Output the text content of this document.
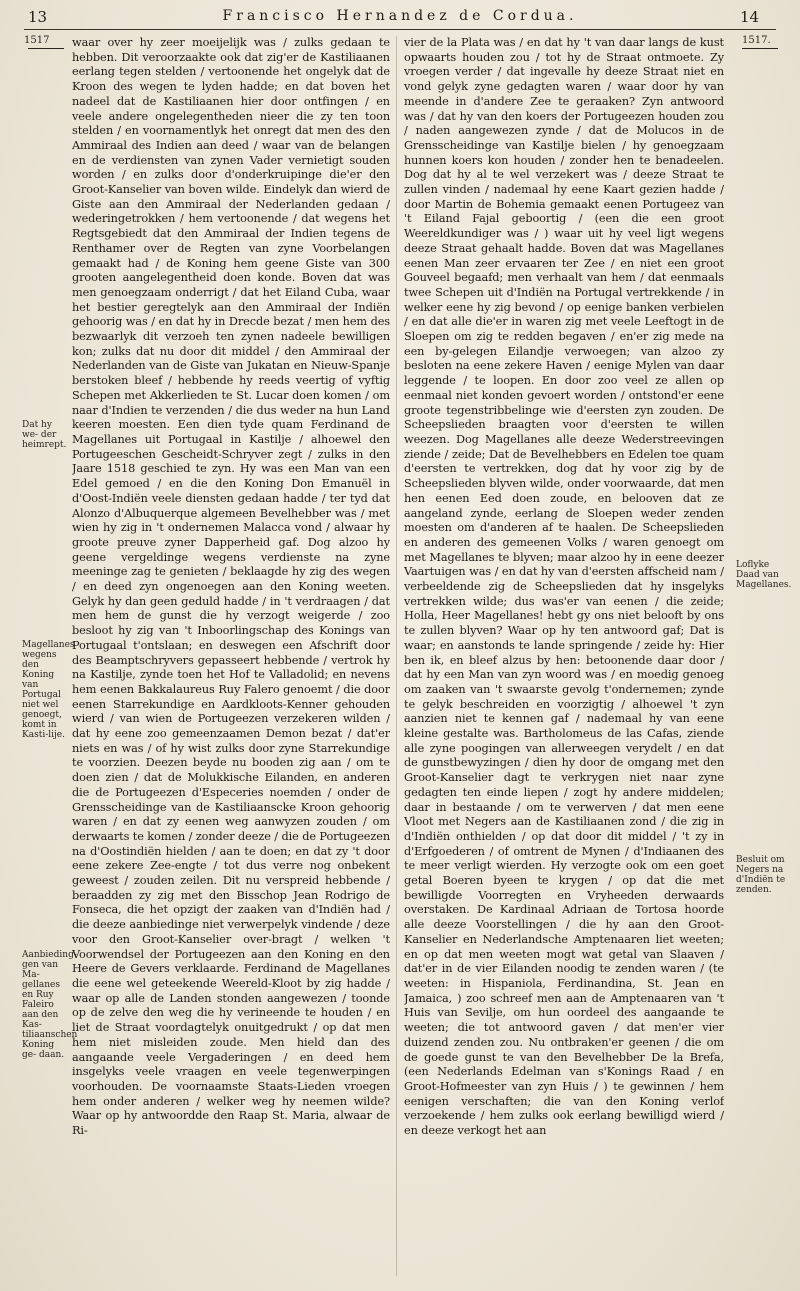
13	Francisco Hernandez de Cordua.	14
1517
Dat hy we- der heimrept.
Magellanes wegens den Koning van Portugal niet wel genoegt, komt in Kasti-lije.
Aanbieding- gen van Ma- gellanes en Ruy Faleiro aan den Kas- tiliaanschen Koning ge- daan.
1517.
Loflyke Daad van Magellanes.
Besluit om Negers na d'Indiën te zenden.

waar over hy zeer moeijelijk was / zulks gedaan te hebben. Dit veroorzaakte ook dat zig'er de Kastiliaanen eerlang tegen stelden / vertoonende het ongelyk dat de Kroon des wegen te lyden hadde; en dat boven het nadeel dat de Kastiliaanen hier door ontfingen / en veele andere ongelegentheden nieer die zy ten toon stelden / en voornamentlyk het onregt dat men des den Ammiraal des Indien aan deed / waar van de belangen en de verdiensten van zynen Vader vernietigt souden worden / en zulks door d'onderkruipinge die'er den Groot-Kanselier van boven wilde. Eindelyk dan wierd de Giste aan den Ammiraal der Nederlanden gedaan / wederingetrokken / hem vertoonende / dat wegens het Regtsgebiedt dat den Ammiraal der Indien tegens de Renthamer over de Regten van zyne Voorbelangen gemaakt had / de Koning hem geene Giste van 300 grooten aangelegentheid doen konde. Boven dat was men genoegzaam onderrigt / dat het Eiland Cuba, waar het bestier geregtelyk aan den Ammiraal der Indiën gehoorig was / en dat hy in Drecde bezat / men hem des bezwaarlyk dit verzoeh ten zynen nadeele bewilligen kon; zulks dat nu door dit middel / den Ammiraal der Nederlanden van de Giste van Jukatan en Nieuw-Spanje berstoken bleef / hebbende hy reeds veertig of vyftig Schepen met Akkerlieden te St. Lucar doen komen / om naar d'Indien te verzenden / die dus weder na hun Land keeren moesten. Een dien tyde quam Ferdinand de Magellanes uit Portugaal in Kastilje / alhoewel den Portugeeschen Gescheidt-Schryver zegt / zulks in den Jaare 1518 geschied te zyn. Hy was een Man van een Edel gemoed / en die den Koning Don Emanuël in d'Oost-Indiën veele diensten gedaan hadde / ter tyd dat Alonzo d'Albuquerque algemeen Bevelhebber was / met wien hy zig in 't ondernemen Malacca vond / alwaar hy groote preuve zyner Dapperheid gaf. Dog alzoo hy geene vergeldinge wegens verdienste na zyne meeninge zag te genieten / beklaagde hy zig des wegen / en deed zyn ongenoegen aan den Koning weeten. Gelyk hy dan geen geduld hadde / in 't verdraagen / dat men hem de gunst die hy verzogt weigerde / zoo besloot hy zig van 't Inboorlingschap des Konings van Portugaal t'ontslaan; en deswegen een Afschrift door des Beamptschryvers gepasseert hebbende / vertrok hy na Kastilje, zynde toen het Hof te Valladolid; en nevens hem eenen Bakkalaureus Ruy Falero genoemt / die door eenen Starrekundige en Aardkloots-Kenner gehouden wierd / van wien de Portugeezen verzekeren wilden / dat hy eene zoo gemeenzaamen Demon bezat / dat'er niets en was / of hy wist zulks door zyne Starrekundige te voorzien. Deezen beyde nu booden zig aan / om te doen zien / dat de Molukkische Eilanden, en anderen die de Portugeezen d'Especeries noemden / onder de Grensscheidinge van de Kastiliaanscke Kroon gehoorig waren / en dat zy eenen weg aanwyzen zouden / om derwaarts te komen / zonder deeze / die de Portugeezen na d'Oostindiën hielden / aan te doen; en dat zy 't door eene zekere Zee-engte / tot dus verre nog onbekent geweest / zouden zeilen. Dit nu verspreid hebbende / beraadden zy zig met den Bisschop Jean Rodrigo de Fonseca, die het opzigt der zaaken van d'Indiën had / die deeze aanbiedinge niet verwerpelyk vindende / deze voor den Groot-Kanselier over-bragt / welken 't Voorwendsel der Portugeezen aan den Koning en den Heere de Gevers verklaarde. Ferdinand de Magellanes die eene wel geteekende Weereld-Kloot by zig hadde / waar op alle de Landen stonden aangewezen / toonde op de zelve den weg die hy verineende te houden / en liet de Straat voordagtelyk onuitgedrukt / op dat men hem niet misleiden zoude. Men hield dan des aangaande veele Vergaderingen / en deed hem insgelyks veele vraagen en veele tegenwerpingen voorhouden. De voornaamste Staats-Lieden vroegen hem onder anderen / welker weg hy neemen wilde? Waar op hy antwoordde den Raap St. Maria, alwaar de Ri-

vier de la Plata was / en dat hy 't van daar langs de kust opwaarts houden zou / tot hy de Straat ontmoete. Zy vroegen verder / dat ingevalle hy deeze Straat niet en vond gelyk zyne gedagten waren / waar door hy van meende in d'andere Zee te geraaken? Zyn antwoord was / dat hy van den koers der Portugeezen houden zou / naden aangewezen zynde / dat de Molucos in de Grensscheidinge van Kastilje bielen / hy genoegzaam hunnen koers kon houden / zonder hen te benadeelen. Dog dat hy al te wel verzekert was / deeze Straat te zullen vinden / nademaal hy eene Kaart gezien hadde / door Martin de Bohemia gemaakt eenen Portugeez van 't Eiland Fajal geboortig / (een die een groot Weereldkundiger was / ) waar uit hy veel ligt wegens deeze Straat gehaalt hadde. Boven dat was Magellanes eenen Man zeer ervaaren ter Zee / en niet een groot Gouveel begaafd; men verhaalt van hem / dat eenmaals twee Schepen uit d'Indiën na Portugal vertrekkende / in welker eene hy zig bevond / op eenige banken verbielen / en dat alle die'er in waren zig met veele Leeftogt in de Sloepen om zig te redden begaven / en'er zig mede na een by-gelegen Eilandje verwoegen; van alzoo zy besloten na eene zekere Haven / eenige Mylen van daar leggende / te loopen. En door zoo veel ze allen op eenmaal niet konden gevoert worden / ontstond'er eene groote tegenstribbelinge wie d'eersten zyn zouden. De Scheepslieden braagten voor d'eersten te willen weezen. Dog Magellanes alle deeze Wederstreevingen ziende / zeide; Dat de Bevelhebbers en Edelen toe quam d'eersten te vertrekken, dog dat hy voor zig by de Scheepslieden blyven wilde, onder voorwaarde, dat men hen eenen Eed doen zoude, en belooven dat ze aangeland zynde, eerlang de Sloepen weder zenden moesten om d'anderen af te haalen. De Scheepslieden en anderen des gemeenen Volks / waren genoegt om met Magellanes te blyven; maar alzoo hy in eene deezer Vaartuigen was / en dat hy van d'eersten affscheid nam / verbeeldende zig de Scheepslieden dat hy insgelyks vertrekken wilde; dus was'er van eenen / die zeide; Holla, Heer Magellanes! hebt gy ons niet belooft by ons te zullen blyven? Waar op hy ten antwoord gaf; Dat is waar; en aanstonds te lande springende / zeide hy: Hier ben ik, en bleef alzus by hen: betoonende daar door / dat hy een Man van zyn woord was / en moedig genoeg om zaaken van 't swaarste gevolg t'ondernemen; zynde te gelyk beschreiden en voorzigtig / alhoewel 't zyn aanzien niet te kennen gaf / nademaal hy van eene kleine gestalte was. Bartholomeus de las Cafas, ziende alle zyne poogingen van allerweegen verydelt / en dat de gunstbewyzingen / dien hy door de omgang met den Groot-Kanselier dagt te verkrygen niet naar zyne gedagten ten einde liepen / zogt hy andere middelen; daar in bestaande / om te verwerven / dat men eene Vloot met Negers aan de Kastiliaanen zond / die zig in d'Indiën onthielden / op dat door dit middel / 't zy in d'Erfgoederen / of omtrent de Mynen / d'Indiaanen des te meer verligt wierden. Hy verzogte ook om een goet getal Boeren byeen te krygen / op dat die met bewilligde Voorregten en Vryheeden derwaards overstaken. De Kardinaal Adriaan de Tortosa hoorde alle deeze Voorstellingen / die hy aan den Groot-Kanselier en Nederlandsche Amptenaaren liet weeten; en op dat men weeten mogt wat getal van Slaaven / dat'er in de vier Eilanden noodig te zenden waren / (te weeten: in Hispaniola, Ferdinandina, St. Jean en Jamaica, ) zoo schreef men aan de Amptenaaren van 't Huis van Sevilje, om hun oordeel des aangaande te weeten; die tot antwoord gaven / dat men'er vier duizend zenden zou. Nu ontbraken'er geenen / die om de goede gunst te van den Bevelhebber De la Brefa, (een Nederlands Edelman van s'Konings Raad / en Groot-Hofmeester van zyn Huis / ) te gewinnen / hem eenigen verschaften; die van den Koning verlof verzoekende / hem zulks ook eerlang bewilligd wierd / en deeze verkogt het aan
